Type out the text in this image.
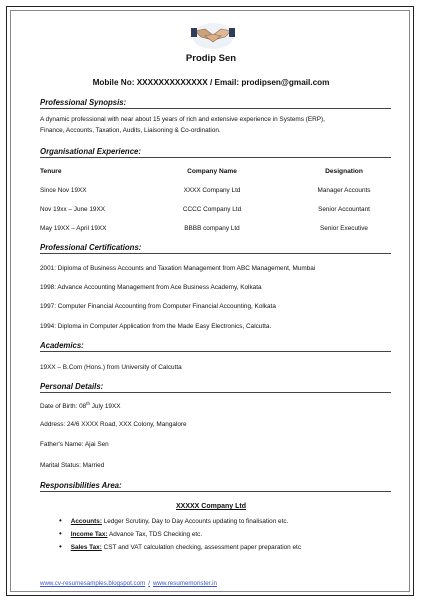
Prodip Sen
Mobile No: XXXXXXXXXXXXX / Email: prodipsen@gmail.com
Professional Synopsis:
A dynamic professional with near about 15 years of rich and extensive experience in Systems (ERP),
Finance, Accounts, Taxation, Audits, Liaisoning & Co-ordination.
Organisational Experience:
Tenure	Company Name	Designation
Since Nov 19XX	XXXX Company Ltd	Manager Accounts
Nov 19xx – June 19XX	CCCC Company Ltd	Senior Accountant
May 19XX – April 19XX	BBBB company Ltd	Senior Executive
Professional Certifications:
2001: Diploma of Business Accounts and Taxation Management from ABC Management, Mumbai
1998: Advance Accounting Management from Ace Business Academy, Kolkata
1997: Computer Financial Accounting from Computer Financial Accounting, Kolkata
1994: Diploma in Computer Application from the Made Easy Electronics, Calcutta.
Academics:
19XX – B.Com (Hons.) from University of Calcutta
Personal Details:
Date of Birth: 08th July 19XX
Address: 24/6 XXXX Road, XXX Colony, Mangalore
Father's Name: Ajai Sen
Marital Status: Married
Responsibilities Area:
XXXXX Company Ltd
•    Accounts: Ledger Scrutiny, Day to Day Accounts updating to finalisation etc.
•    Income Tax: Advance Tax, TDS Checking etc.
•    Sales Tax: CST and VAT calculation checking, assessment paper preparation etc
www.cv-resumesamples.blogspot.com / www.resumemonster.in
